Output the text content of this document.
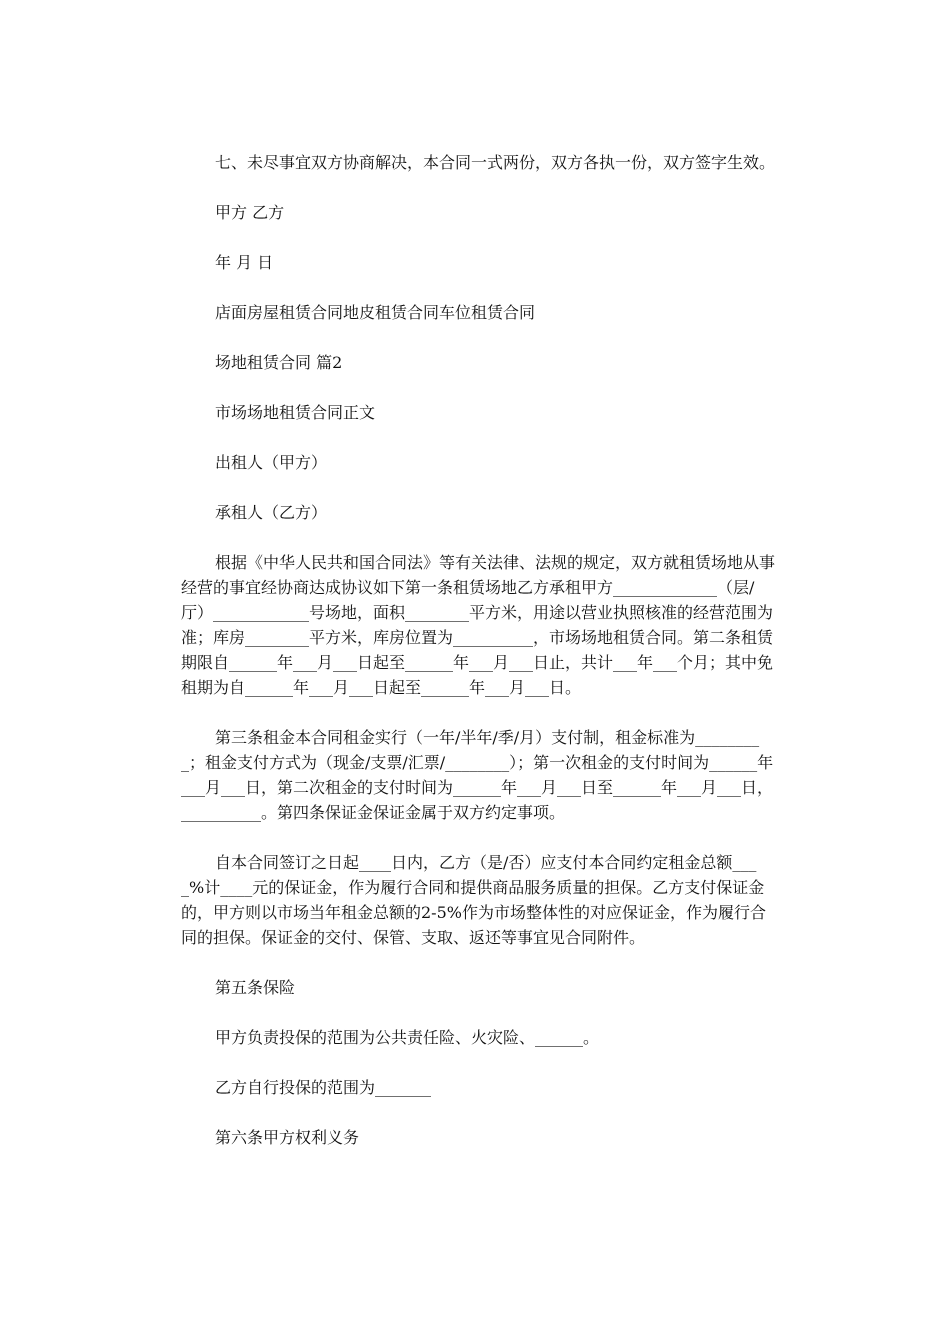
七、未尽事宜双方协商解决，本合同一式两份，双方各执一份，双方签字生效。

甲方 乙方

年 月 日

店面房屋租赁合同地皮租赁合同车位租赁合同

场地租赁合同 篇2

市场场地租赁合同正文

出租人（甲方）

承租人（乙方）

根据《中华人民共和国合同法》等有关法律、法规的规定，双方就租赁场地从事经营的事宜经协商达成协议如下第一条租赁场地乙方承租甲方_____________（层/厅）____________号场地，面积________平方米，用途以营业执照核准的经营范围为准；库房________平方米，库房位置为__________，市场场地租赁合同。第二条租赁期限自______年___月___日起至______年___月___日止，共计___年___个月；其中免租期为自______年___月___日起至______年___月___日。

第三条租金本合同租金实行（一年/半年/季/月）支付制，租金标准为_________；租金支付方式为（现金/支票/汇票/________）；第一次租金的支付时间为______年___月___日，第二次租金的支付时间为______年___月___日至______年___月___日，__________。第四条保证金保证金属于双方约定事项。

自本合同签订之日起____日内，乙方（是/否）应支付本合同约定租金总额____%计____元的保证金，作为履行合同和提供商品服务质量的担保。乙方支付保证金的，甲方则以市场当年租金总额的2-5%作为市场整体性的对应保证金，作为履行合同的担保。保证金的交付、保管、支取、返还等事宜见合同附件。

第五条保险

甲方负责投保的范围为公共责任险、火灾险、______。

乙方自行投保的范围为_______

第六条甲方权利义务
